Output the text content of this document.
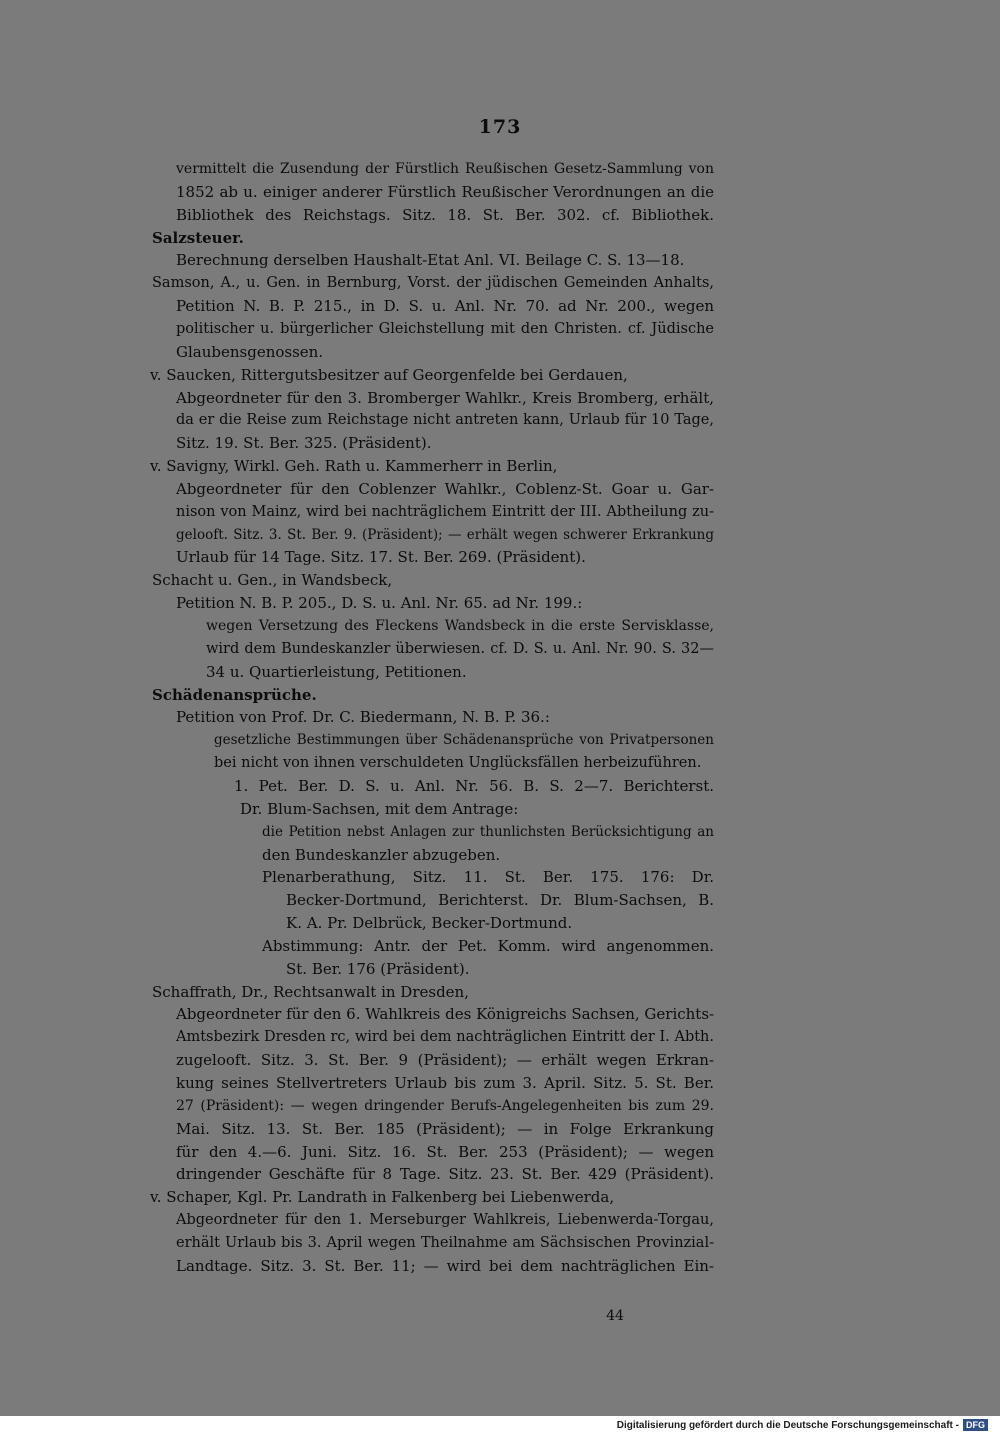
173
vermittelt die Zusendung der Fürstlich Reußischen Gesetz-Sammlung von
1852 ab u. einiger anderer Fürstlich Reußischer Verordnungen an die
Bibliothek des Reichstags. Sitz. 18. St. Ber. 302. cf. Bibliothek.
Salzsteuer.
Berechnung derselben Haushalt-Etat Anl. VI. Beilage C. S. 13—18.
Samson, A., u. Gen. in Bernburg, Vorst. der jüdischen Gemeinden Anhalts,
Petition N. B. P. 215., in D. S. u. Anl. Nr. 70. ad Nr. 200., wegen
politischer u. bürgerlicher Gleichstellung mit den Christen. cf. Jüdische
Glaubensgenossen.
v. Saucken, Rittergutsbesitzer auf Georgenfelde bei Gerdauen,
Abgeordneter für den 3. Bromberger Wahlkr., Kreis Bromberg, erhält,
da er die Reise zum Reichstage nicht antreten kann, Urlaub für 10 Tage,
Sitz. 19. St. Ber. 325. (Präsident).
v. Savigny, Wirkl. Geh. Rath u. Kammerherr in Berlin,
Abgeordneter für den Coblenzer Wahlkr., Coblenz-St. Goar u. Gar-
nison von Mainz, wird bei nachträglichem Eintritt der III. Abtheilung zu-
gelooft. Sitz. 3. St. Ber. 9. (Präsident); — erhält wegen schwerer Erkrankung
Urlaub für 14 Tage. Sitz. 17. St. Ber. 269. (Präsident).
Schacht u. Gen., in Wandsbeck,
Petition N. B. P. 205., D. S. u. Anl. Nr. 65. ad Nr. 199.:
wegen Versetzung des Fleckens Wandsbeck in die erste Servisklasse,
wird dem Bundeskanzler überwiesen. cf. D. S. u. Anl. Nr. 90. S. 32—
34 u. Quartierleistung, Petitionen.
Schädenansprüche.
Petition von Prof. Dr. C. Biedermann, N. B. P. 36.:
gesetzliche Bestimmungen über Schädenansprüche von Privatpersonen
bei nicht von ihnen verschuldeten Unglücksfällen herbeizuführen.
1. Pet. Ber. D. S. u. Anl. Nr. 56. B. S. 2—7. Berichterst.
Dr. Blum-Sachsen, mit dem Antrage:
die Petition nebst Anlagen zur thunlichsten Berücksichtigung an
den Bundeskanzler abzugeben.
Plenarberathung, Sitz. 11. St. Ber. 175. 176: Dr.
Becker-Dortmund, Berichterst. Dr. Blum-Sachsen, B.
K. A. Pr. Delbrück, Becker-Dortmund.
Abstimmung: Antr. der Pet. Komm. wird angenommen.
St. Ber. 176 (Präsident).
Schaffrath, Dr., Rechtsanwalt in Dresden,
Abgeordneter für den 6. Wahlkreis des Königreichs Sachsen, Gerichts-
Amtsbezirk Dresden rc, wird bei dem nachträglichen Eintritt der I. Abth.
zugelooft. Sitz. 3. St. Ber. 9 (Präsident); — erhält wegen Erkran-
kung seines Stellvertreters Urlaub bis zum 3. April. Sitz. 5. St. Ber.
27 (Präsident): — wegen dringender Berufs-Angelegenheiten bis zum 29.
Mai. Sitz. 13. St. Ber. 185 (Präsident); — in Folge Erkrankung
für den 4.—6. Juni. Sitz. 16. St. Ber. 253 (Präsident); — wegen
dringender Geschäfte für 8 Tage. Sitz. 23. St. Ber. 429 (Präsident).
v. Schaper, Kgl. Pr. Landrath in Falkenberg bei Liebenwerda,
Abgeordneter für den 1. Merseburger Wahlkreis, Liebenwerda-Torgau,
erhält Urlaub bis 3. April wegen Theilnahme am Sächsischen Provinzial-
Landtage. Sitz. 3. St. Ber. 11; — wird bei dem nachträglichen Ein-
44
Digitalisierung gefördert durch die Deutsche Forschungsgemeinschaft - DFG
